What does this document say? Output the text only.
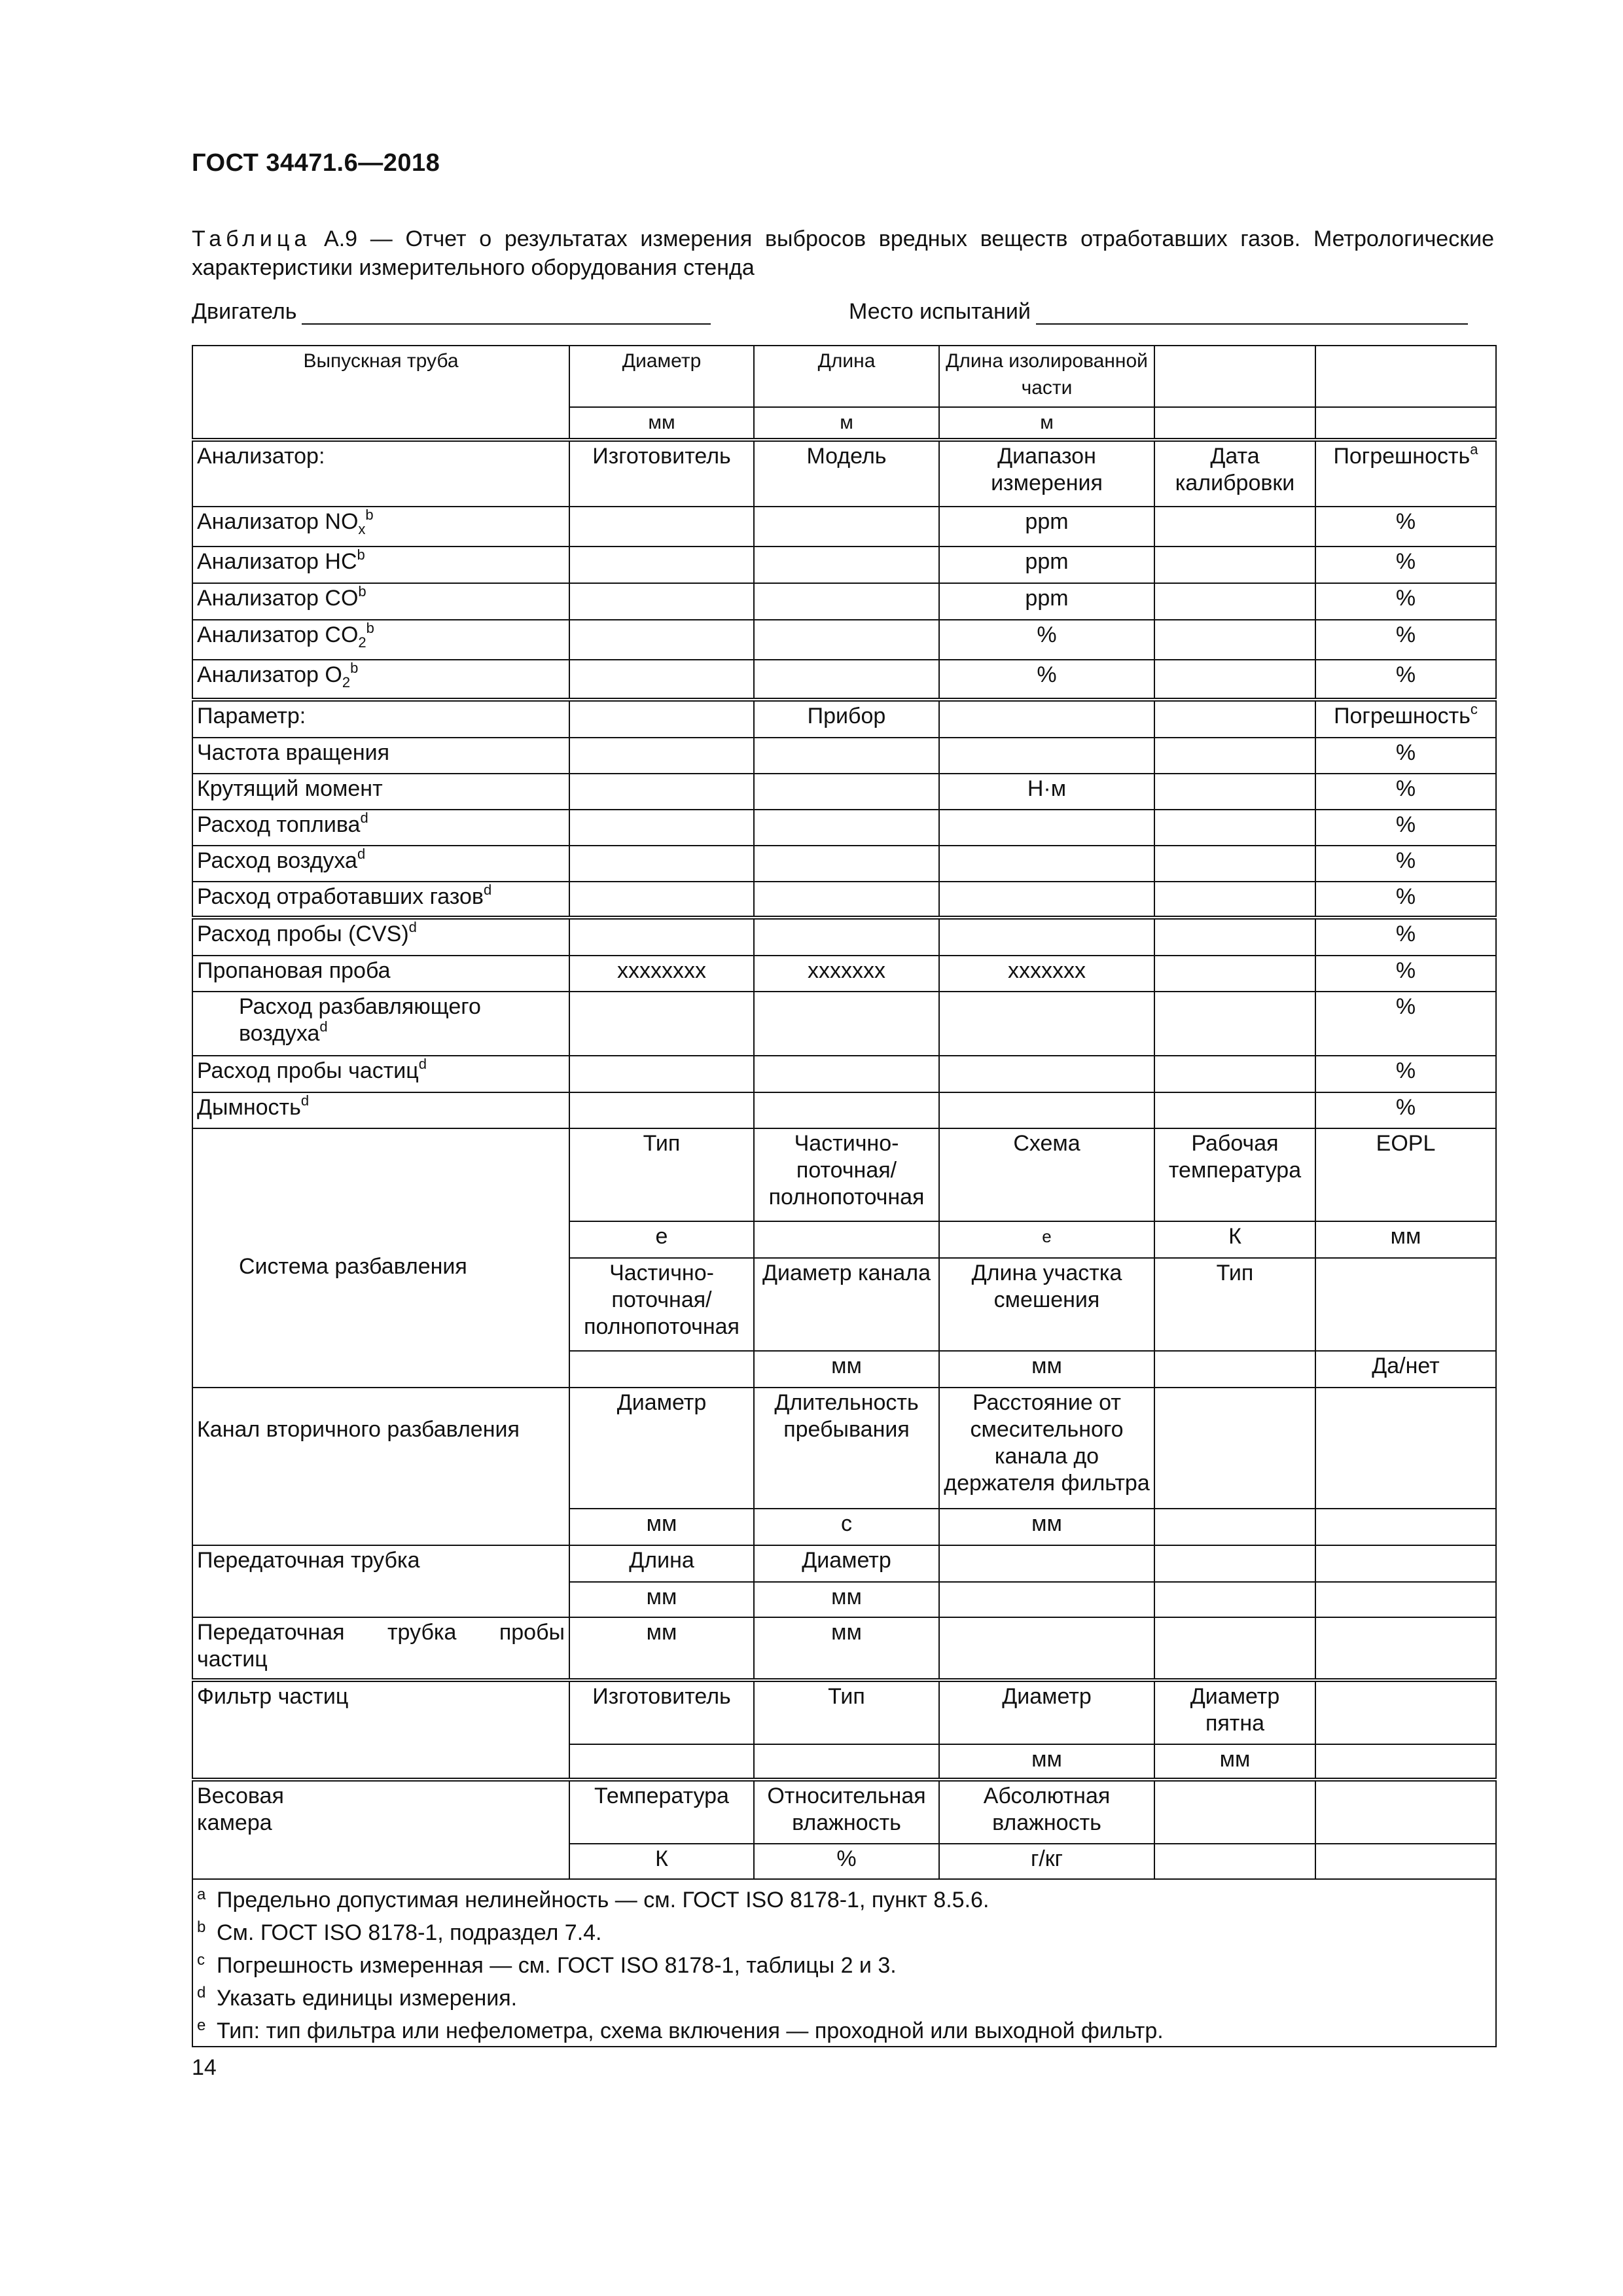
ГОСТ 34471.6—2018
Таблица А.9 — Отчет о результатах измерения выбросов вредных веществ отработавших газов. Метрологические характеристики измерительного оборудования стенда
Двигатель	Место испытаний
Выпускная труба	Диаметр	Длина	Длина изолированной части		
	мм	м	м		
Анализатор:	Изготовитель	Модель	Диапазон измерения	Дата калибровки	Погрешность$^a$
Анализатор $NO_x^b$			ppm		%
Анализатор $HC^b$			ppm		%
Анализатор $CO^b$			ppm		%
Анализатор $CO_2^b$			%		%
Анализатор $O_2^b$			%		%
Параметр:		Прибор			Погрешность$^c$
Частота вращения					%
Крутящий момент			Н·м		%
Расход топлива$^d$					%
Расход воздуха$^d$					%
Расход отработавших газов$^d$					%
Расход пробы (CVS)$^d$					%
Пропановая проба	хххххххх	ххххххх	ххххххх		%

Расход разбавляющего воздуха$^d$					%
Расход пробы частиц$^d$					%
Дымность$^d$					%

Система разбавления	Тип	Частично-поточная/ полнопоточная	Схема	Рабочая температура	EOPL
	e		e	К	мм
	Частично-поточная/ полнопоточная	Диаметр канала	Длина участка смешения	Тип	
		мм	мм		Да/нет

Канал вторичного разбавления	Диаметр	Длительность пребывания	Расстояние от смесительного канала до держателя фильтра		
	мм	с	мм		
Передаточная трубка	Длина	Диаметр			
	мм	мм			

Передаточная трубка пробы частиц	мм	мм			
Фильтр частиц	Изготовитель	Тип	Диаметр	Диаметр пятна	
			мм	мм	

Весовая камера	Температура	Относительная влажность	Абсолютная влажность		
	К	%	г/кг		

a Предельно допустимая нелинейность — см. ГОСТ ISO 8178-1, пункт 8.5.6.
b См. ГОСТ ISO 8178-1, подраздел 7.4.
c Погрешность измеренная — см. ГОСТ ISO 8178-1, таблицы 2 и 3.
d Указать единицы измерения.
e Тип: тип фильтра или нефелометра, схема включения — проходной или выходной фильтр.					
14
